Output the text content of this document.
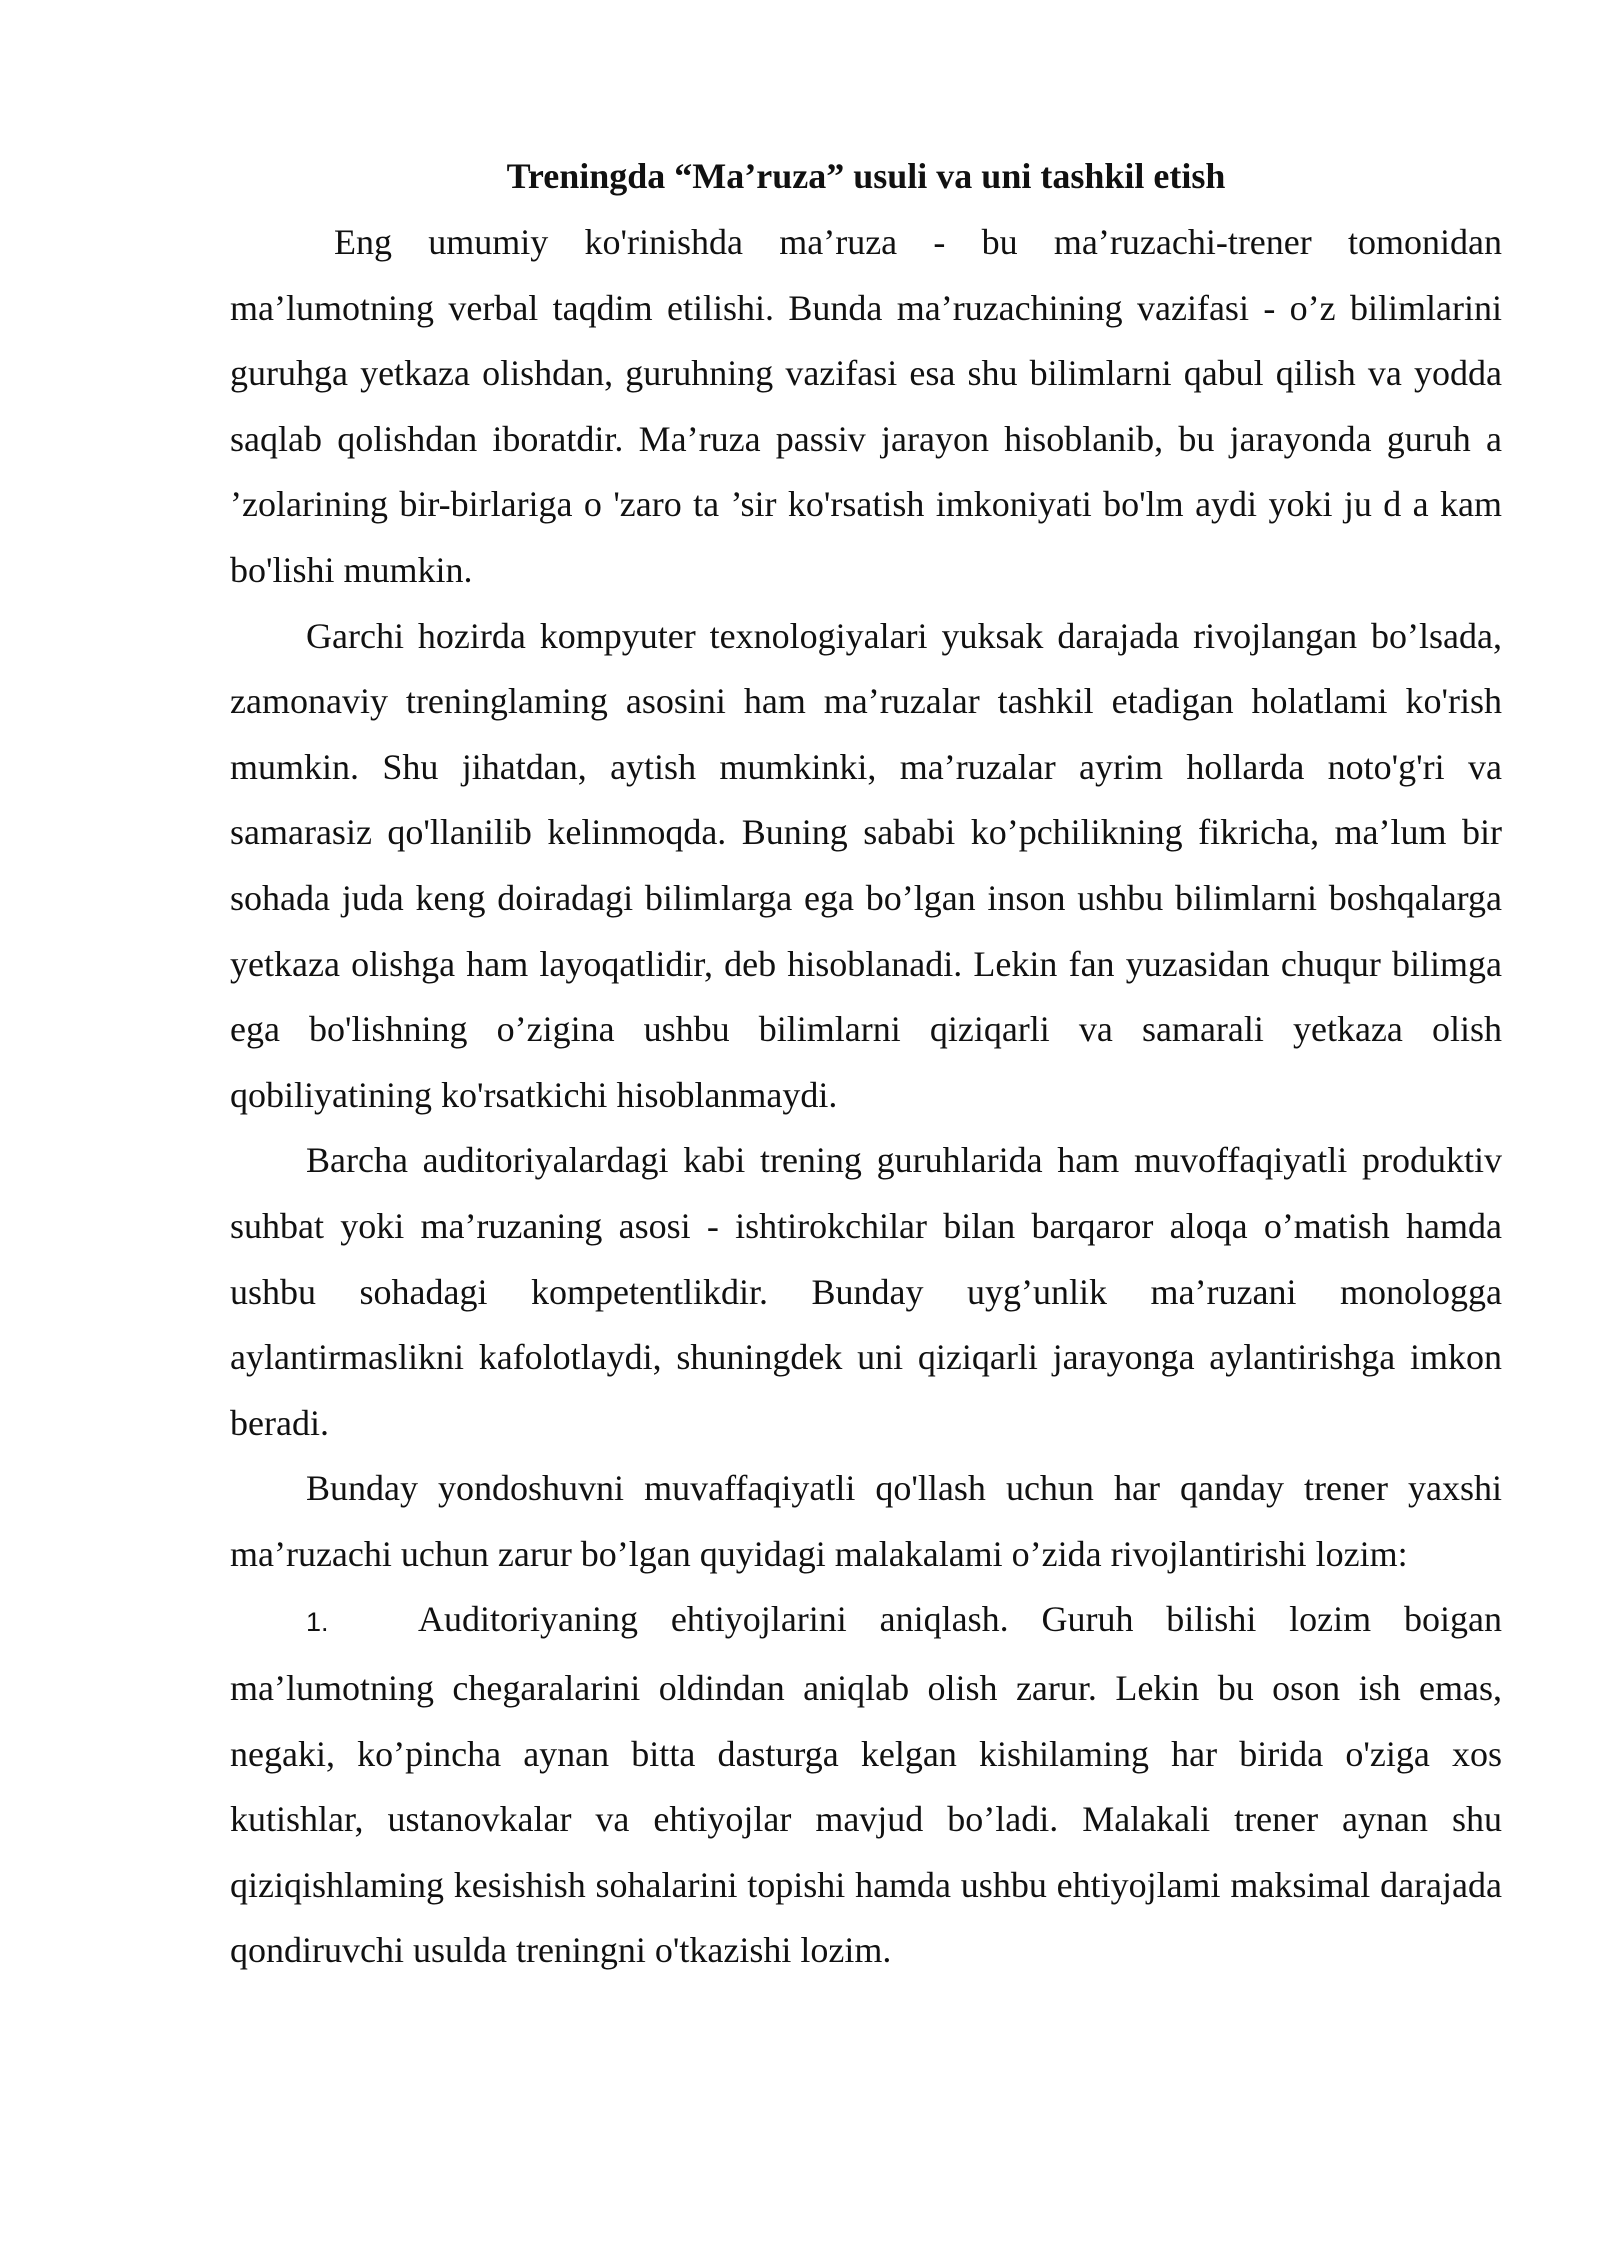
Treningda “Ma’ruza” usuli va uni tashkil etish

Eng umumiy ko'rinishda ma’ruza - bu ma’ruzachi-trener tomonidan ma’lumotning verbal taqdim etilishi. Bunda ma’ruzachining vazifasi - o’z bilimlarini guruhga yetkaza olishdan, guruhning vazifasi esa shu bilimlarni qabul qilish va yodda saqlab qolishdan iboratdir. Ma’ruza passiv jarayon hisoblanib, bu jarayonda guruh a ’zolarining bir-birlariga o 'zaro ta ’sir ko'rsatish imkoniyati bo'lm aydi yoki ju d a kam bo'lishi mumkin.

Garchi hozirda kompyuter texnologiyalari yuksak darajada rivojlangan bo’lsada, zamonaviy treninglaming asosini ham ma’ruzalar tashkil etadigan holatlami ko'rish mumkin. Shu jihatdan, aytish mumkinki, ma’ruzalar ayrim hollarda noto'g'ri va samarasiz qo'llanilib kelinmoqda. Buning sababi ko’pchilikning fikricha, ma’lum bir sohada juda keng doiradagi bilimlarga ega bo’lgan inson ushbu bilimlarni boshqalarga yetkaza olishga ham layoqatlidir, deb hisoblanadi. Lekin fan yuzasidan chuqur bilimga ega bo'lishning o’zigina ushbu bilimlarni qiziqarli va samarali yetkaza olish qobiliyatining ko'rsatkichi hisoblanmaydi.

Barcha auditoriyalardagi kabi trening guruhlarida ham muvoffaqiyatli produktiv suhbat yoki ma’ruzaning asosi - ishtirokchilar bilan barqaror aloqa o’matish hamda ushbu sohadagi kompetentlikdir. Bunday uyg’unlik ma’ruzani monologga aylantirmaslikni kafolotlaydi, shuningdek uni qiziqarli jarayonga aylantirishga imkon beradi.

Bunday yondoshuvni muvaffaqiyatli qo'llash uchun har qanday trener yaxshi ma’ruzachi uchun zarur bo’lgan quyidagi malakalami o’zida rivojlantirishi lozim:

1. Auditoriyaning ehtiyojlarini aniqlash. Guruh bilishi lozim boigan ma’lumotning chegaralarini oldindan aniqlab olish zarur. Lekin bu oson ish emas, negaki, ko’pincha aynan bitta dasturga kelgan kishilaming har birida o'ziga xos kutishlar, ustanovkalar va ehtiyojlar mavjud bo’ladi. Malakali trener aynan shu qiziqishlaming kesishish sohalarini topishi hamda ushbu ehtiyojlami maksimal darajada qondiruvchi usulda treningni o'tkazishi lozim.
